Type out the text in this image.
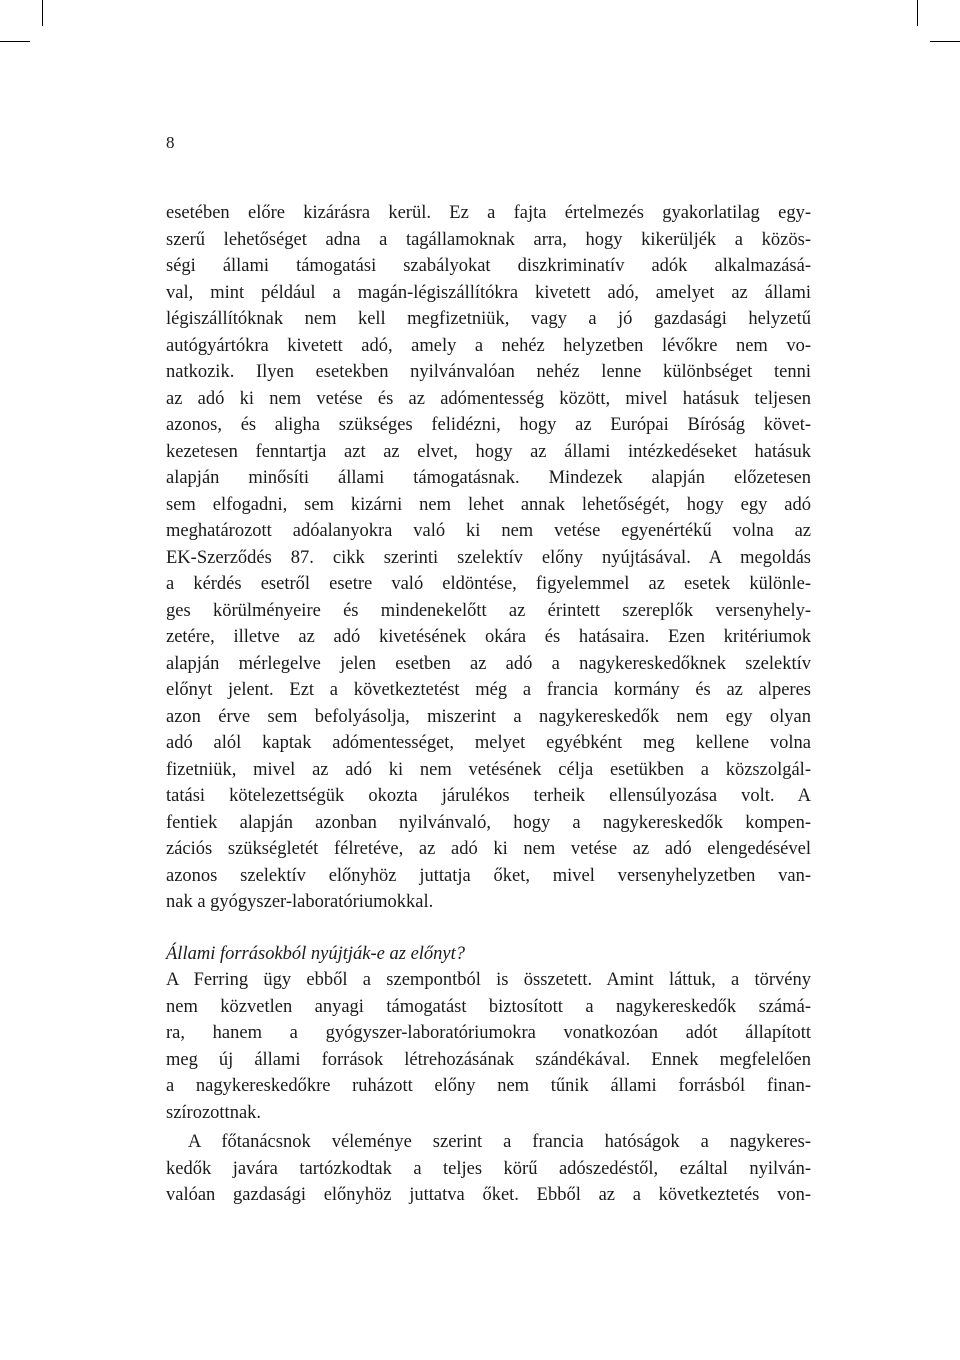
8
esetében előre kizárásra kerül. Ez a fajta értelmezés gyakorlatilag egy-
szerű lehetőséget adna a tagállamoknak arra, hogy kikerüljék a közös-
ségi állami támogatási szabályokat diszkriminatív adók alkalmazásá-
val, mint például a magán-légiszállítókra kivetett adó, amelyet az állami
légiszállítóknak nem kell megfizetniük, vagy a jó gazdasági helyzetű
autógyártókra kivetett adó, amely a nehéz helyzetben lévőkre nem vo-
natkozik. Ilyen esetekben nyilvánvalóan nehéz lenne különbséget tenni
az adó ki nem vetése és az adómentesség között, mivel hatásuk teljesen
azonos, és aligha szükséges felidézni, hogy az Európai Bíróság követ-
kezetesen fenntartja azt az elvet, hogy az állami intézkedéseket hatásuk
alapján minősíti állami támogatásnak. Mindezek alapján előzetesen
sem elfogadni, sem kizárni nem lehet annak lehetőségét, hogy egy adó
meghatározott adóalanyokra való ki nem vetése egyenértékű volna az
EK-Szerződés 87. cikk szerinti szelektív előny nyújtásával. A megoldás
a kérdés esetről esetre való eldöntése, figyelemmel az esetek különle-
ges körülményeire és mindenekelőtt az érintett szereplők versenyhely-
zetére, illetve az adó kivetésének okára és hatásaira. Ezen kritériumok
alapján mérlegelve jelen esetben az adó a nagykereskedőknek szelektív
előnyt jelent. Ezt a következtetést még a francia kormány és az alperes
azon érve sem befolyásolja, miszerint a nagykereskedők nem egy olyan
adó alól kaptak adómentességet, melyet egyébként meg kellene volna
fizetniük, mivel az adó ki nem vetésének célja esetükben a közszolgál-
tatási kötelezettségük okozta járulékos terheik ellensúlyozása volt. A
fentiek alapján azonban nyilvánvaló, hogy a nagykereskedők kompen-
zációs szükségletét félretéve, az adó ki nem vetése az adó elengedésével
azonos szelektív előnyhöz juttatja őket, mivel versenyhelyzetben van-
nak a gyógyszer-laboratóriumokkal.
Állami forrásokból nyújtják-e az előnyt?
A Ferring ügy ebből a szempontból is összetett. Amint láttuk, a törvény
nem közvetlen anyagi támogatást biztosított a nagykereskedők számá-
ra, hanem a gyógyszer-laboratóriumokra vonatkozóan adót állapított
meg új állami források létrehozásának szándékával. Ennek megfelelően
a nagykereskedőkre ruházott előny nem tűnik állami forrásból finan-
szírozottnak.
A főtanácsnok véleménye szerint a francia hatóságok a nagykeres-
kedők javára tartózkodtak a teljes körű adószedéstől, ezáltal nyilván-
valóan gazdasági előnyhöz juttatva őket. Ebből az a következtetés von-
